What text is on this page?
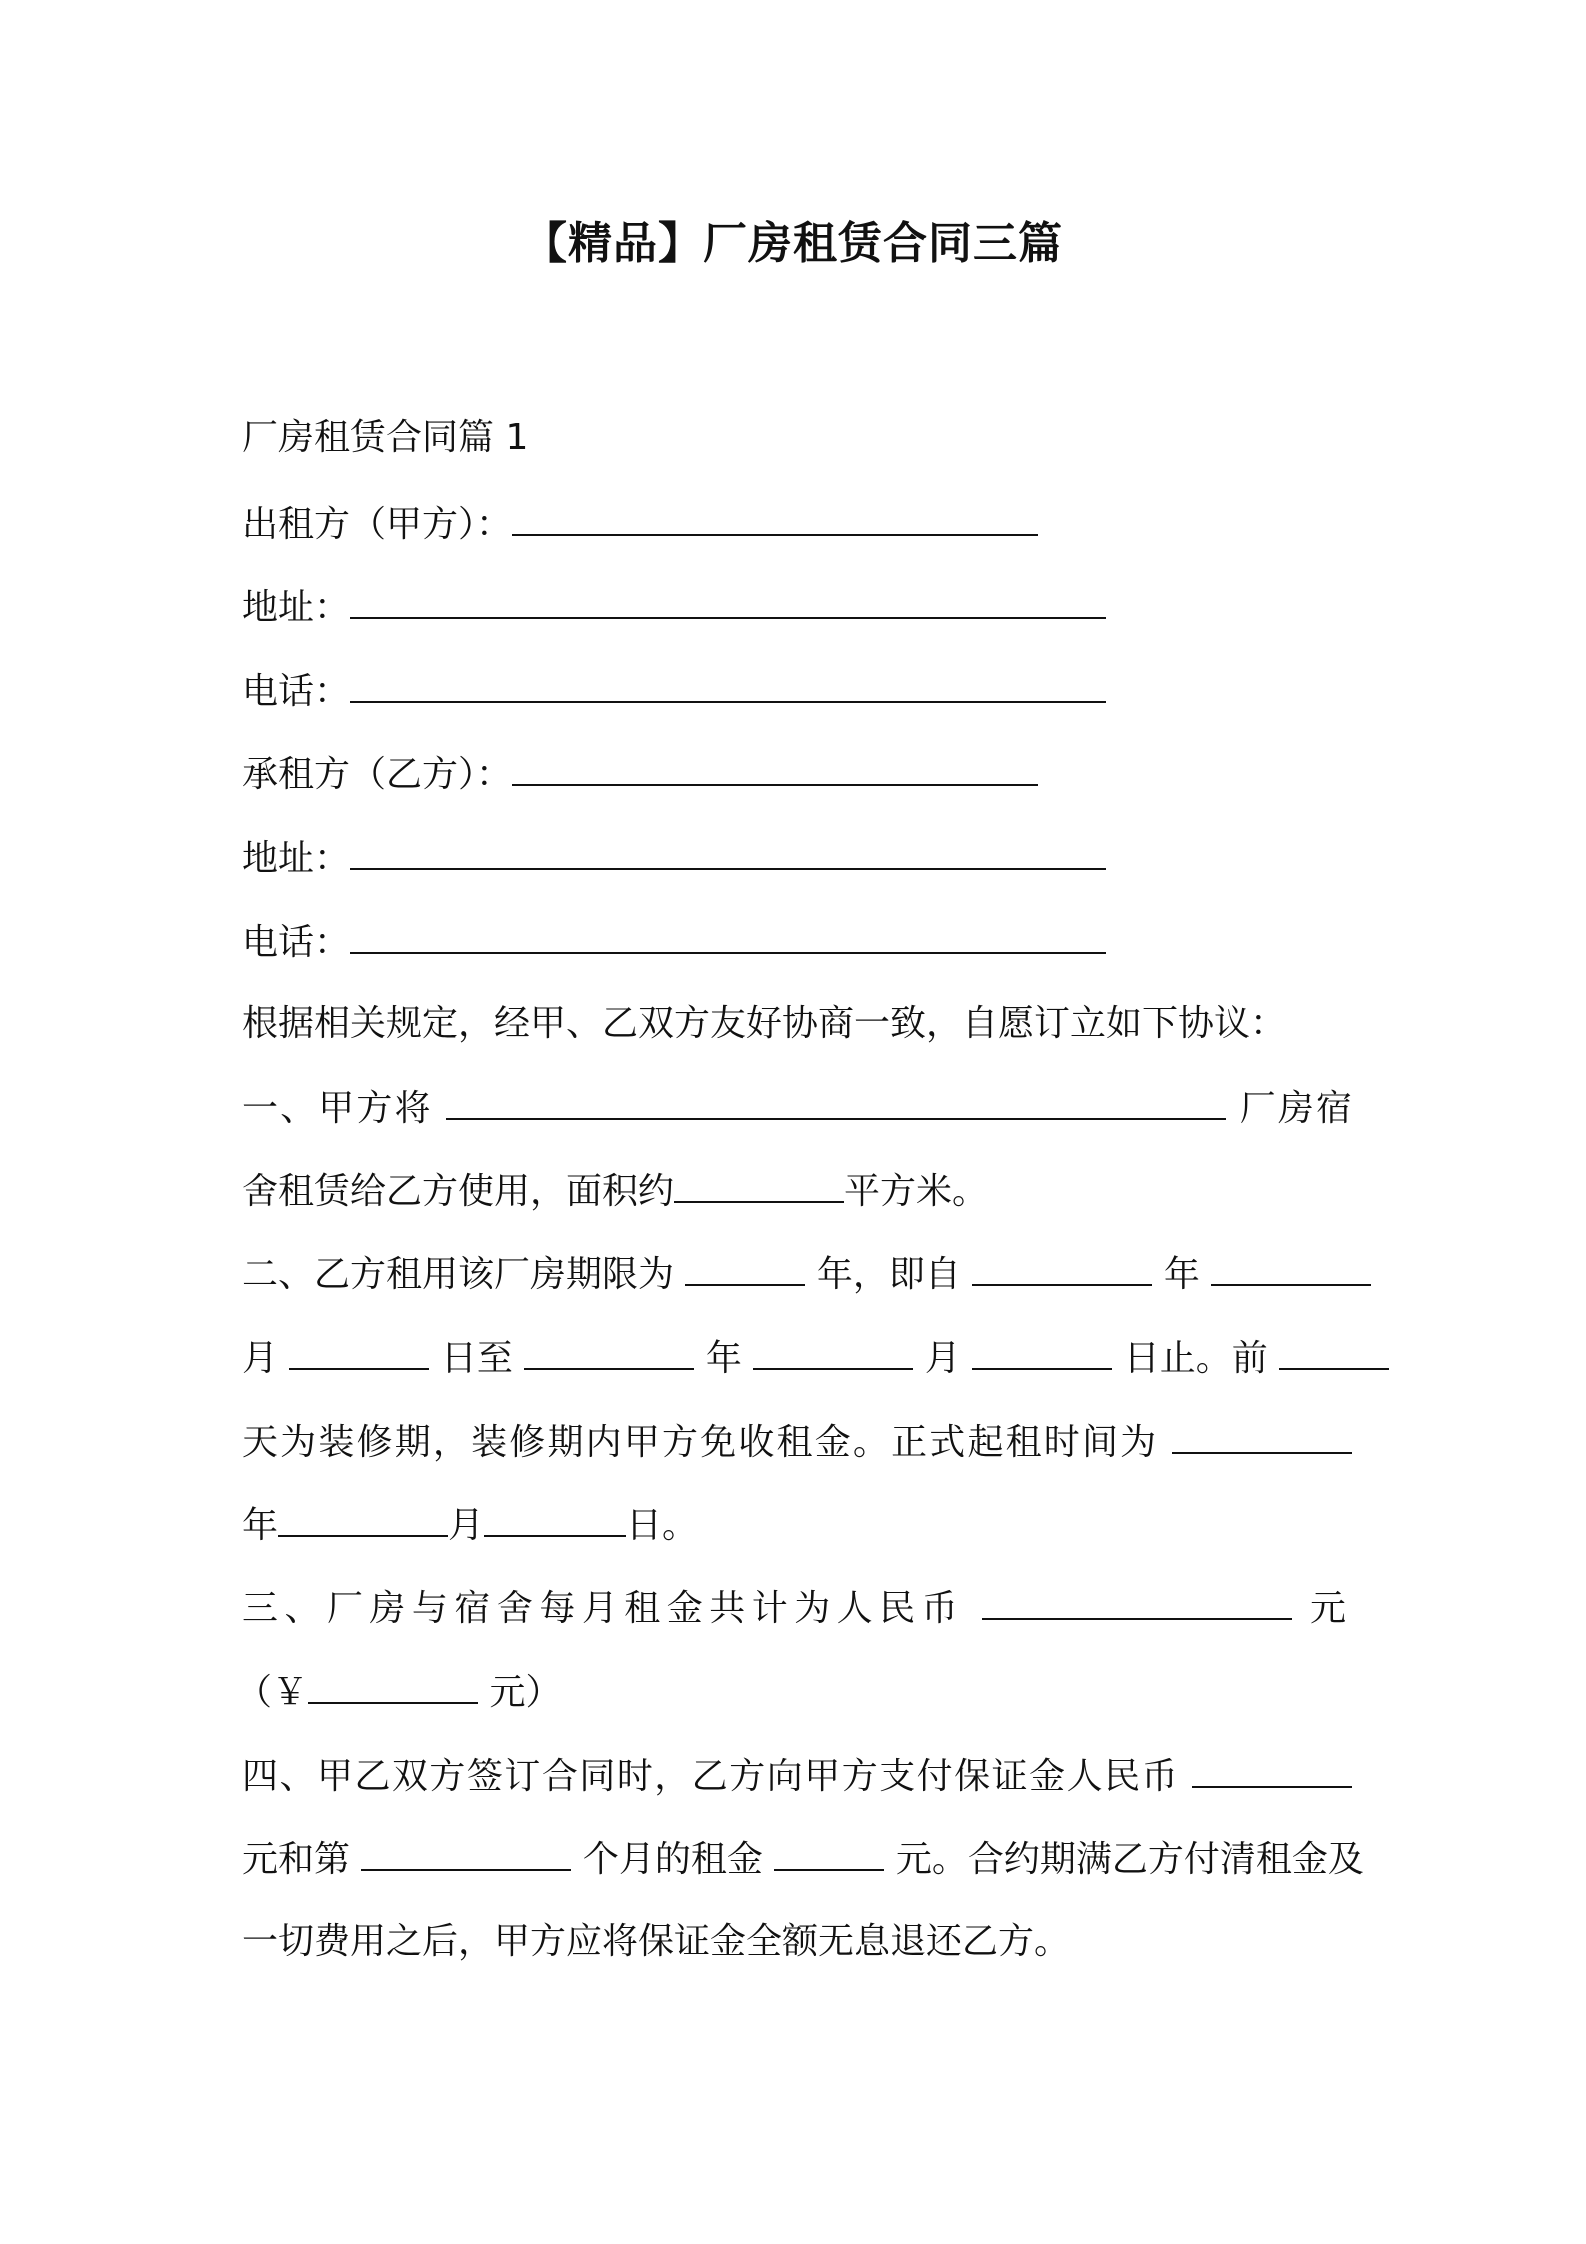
【精品】厂房租赁合同三篇
厂房租赁合同篇 1
出租方（甲方）：
地址：
电话：
承租方（乙方）：
地址：
电话：
根据相关规定，经甲、乙双方友好协商一致，自愿订立如下协议：
一、甲方将	厂房宿
舍租赁给乙方使用，面积约	平方米。
二、乙方租用该厂房期限为	年，即自	年
月	日至	年	月	日止。前
天为装修期，装修期内甲方免收租金。正式起租时间为
年	月	日。
三、厂房与宿舍每月租金共计为人民币	元
（￥	元）
四、甲乙双方签订合同时，乙方向甲方支付保证金人民币
元和第	个月的租金	元。合约期满乙方付清租金及
一切费用之后，甲方应将保证金全额无息退还乙方。
